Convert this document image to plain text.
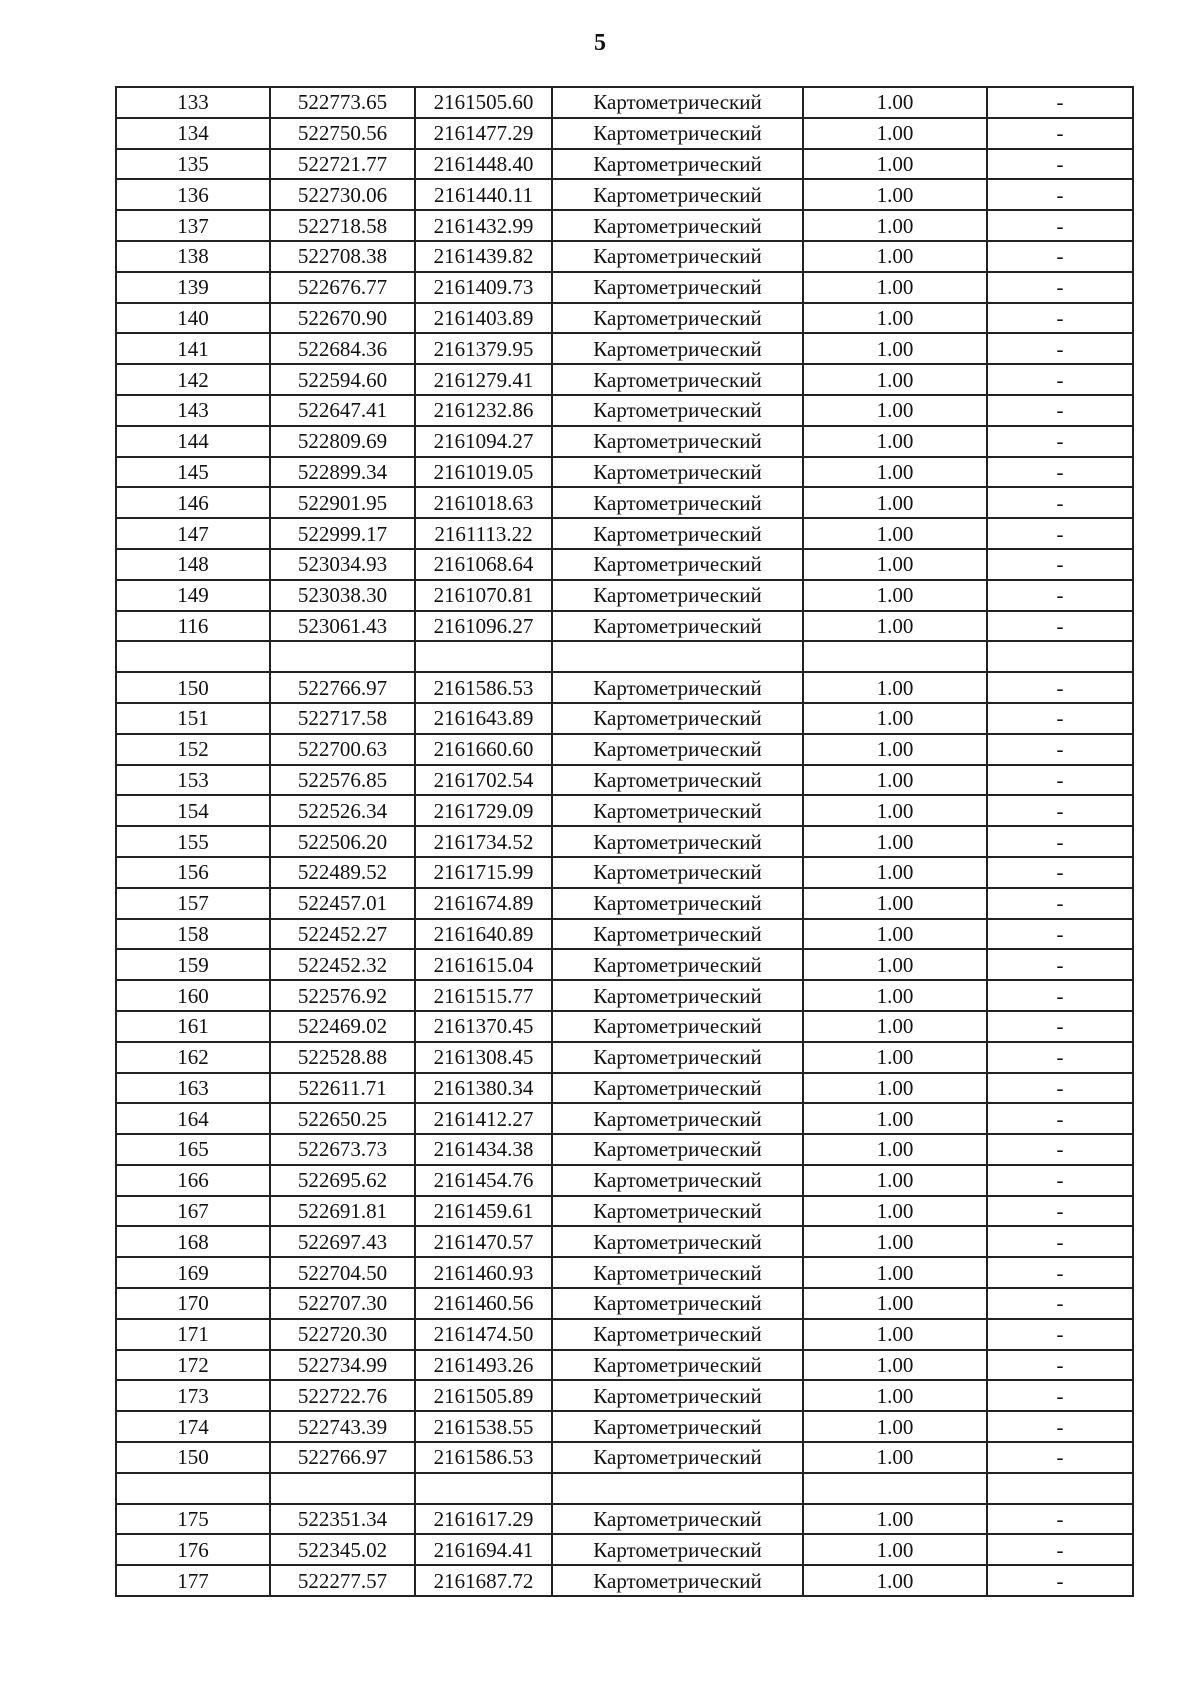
5
133	522773.65	2161505.60	Картометрический	1.00	-
134	522750.56	2161477.29	Картометрический	1.00	-
135	522721.77	2161448.40	Картометрический	1.00	-
136	522730.06	2161440.11	Картометрический	1.00	-
137	522718.58	2161432.99	Картометрический	1.00	-
138	522708.38	2161439.82	Картометрический	1.00	-
139	522676.77	2161409.73	Картометрический	1.00	-
140	522670.90	2161403.89	Картометрический	1.00	-
141	522684.36	2161379.95	Картометрический	1.00	-
142	522594.60	2161279.41	Картометрический	1.00	-
143	522647.41	2161232.86	Картометрический	1.00	-
144	522809.69	2161094.27	Картометрический	1.00	-
145	522899.34	2161019.05	Картометрический	1.00	-
146	522901.95	2161018.63	Картометрический	1.00	-
147	522999.17	2161113.22	Картометрический	1.00	-
148	523034.93	2161068.64	Картометрический	1.00	-
149	523038.30	2161070.81	Картометрический	1.00	-
116	523061.43	2161096.27	Картометрический	1.00	-

150	522766.97	2161586.53	Картометрический	1.00	-
151	522717.58	2161643.89	Картометрический	1.00	-
152	522700.63	2161660.60	Картометрический	1.00	-
153	522576.85	2161702.54	Картометрический	1.00	-
154	522526.34	2161729.09	Картометрический	1.00	-
155	522506.20	2161734.52	Картометрический	1.00	-
156	522489.52	2161715.99	Картометрический	1.00	-
157	522457.01	2161674.89	Картометрический	1.00	-
158	522452.27	2161640.89	Картометрический	1.00	-
159	522452.32	2161615.04	Картометрический	1.00	-
160	522576.92	2161515.77	Картометрический	1.00	-
161	522469.02	2161370.45	Картометрический	1.00	-
162	522528.88	2161308.45	Картометрический	1.00	-
163	522611.71	2161380.34	Картометрический	1.00	-
164	522650.25	2161412.27	Картометрический	1.00	-
165	522673.73	2161434.38	Картометрический	1.00	-
166	522695.62	2161454.76	Картометрический	1.00	-
167	522691.81	2161459.61	Картометрический	1.00	-
168	522697.43	2161470.57	Картометрический	1.00	-
169	522704.50	2161460.93	Картометрический	1.00	-
170	522707.30	2161460.56	Картометрический	1.00	-
171	522720.30	2161474.50	Картометрический	1.00	-
172	522734.99	2161493.26	Картометрический	1.00	-
173	522722.76	2161505.89	Картометрический	1.00	-
174	522743.39	2161538.55	Картометрический	1.00	-
150	522766.97	2161586.53	Картометрический	1.00	-

175	522351.34	2161617.29	Картометрический	1.00	-
176	522345.02	2161694.41	Картометрический	1.00	-
177	522277.57	2161687.72	Картометрический	1.00	-
